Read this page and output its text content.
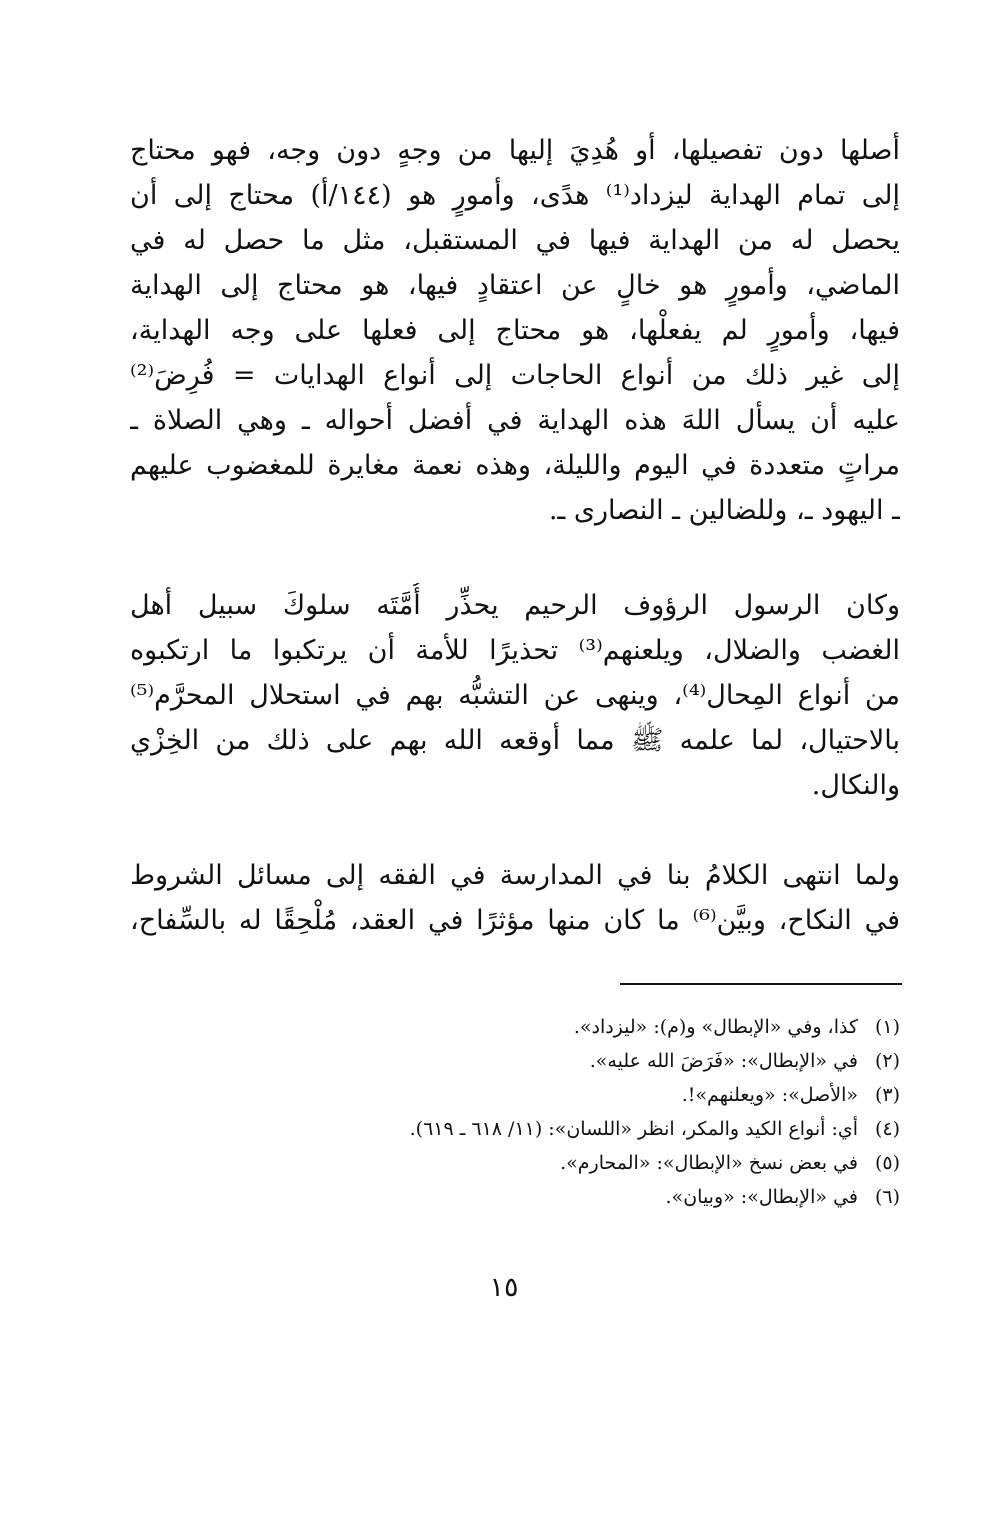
أصلها دون تفصيلها، أو هُدِيَ إليها من وجهٍ دون وجه، فهو محتاج
إلى تمام الهداية ليزداد⁽¹⁾ هدًى، وأمورٍ هو (١٤٤/أ) محتاج إلى أن
يحصل له من الهداية فيها في المستقبل، مثل ما حصل له في
الماضي، وأمورٍ هو خالٍ عن اعتقادٍ فيها، هو محتاج إلى الهداية
فيها، وأمورٍ لم يفعلْها، هو محتاج إلى فعلها على وجه الهداية،
إلى غير ذلك من أنواع الحاجات إلى أنواع الهدايات = فُرِضَ⁽²⁾
عليه أن يسأل اللهَ هذه الهداية في أفضل أحواله ـ وهي الصلاة ـ
مراتٍ متعددة في اليوم والليلة، وهذه نعمة مغايرة للمغضوب عليهم
ـ اليهود ـ، وللضالين ـ النصارى ـ.
وكان الرسول الرؤوف الرحيم يحذِّر أُمَّتَه سلوكَ سبيل أهل
الغضب والضلال، ويلعنهم⁽³⁾ تحذيرًا للأمة أن يرتكبوا ما ارتكبوه
من أنواع المِحال⁽⁴⁾، وينهى عن التشبُّه بهم في استحلال المحرَّم⁽⁵⁾
بالاحتيال، لما علمه ﷺ مما أوقعه الله بهم على ذلك من الخِزْي
والنكال.
ولما انتهى الكلامُ بنا في المدارسة في الفقه إلى مسائل الشروط
في النكاح، وبيَّن⁽⁶⁾ ما كان منها مؤثرًا في العقد، مُلْحِقًا له بالسِّفاح،
(١)كذا، وفي «الإبطال» و(م): «ليزداد».
(٢)في «الإبطال»: «فَرَضَ الله عليه».
(٣)«الأصل»: «ويعلنهم»!.
(٤)أي: أنواع الكيد والمكر، انظر «اللسان»: (١١/ ٦١٨ ـ ٦١٩).
(٥)في بعض نسخ «الإبطال»: «المحارم».
(٦)في «الإبطال»: «وبيان».
١٥
